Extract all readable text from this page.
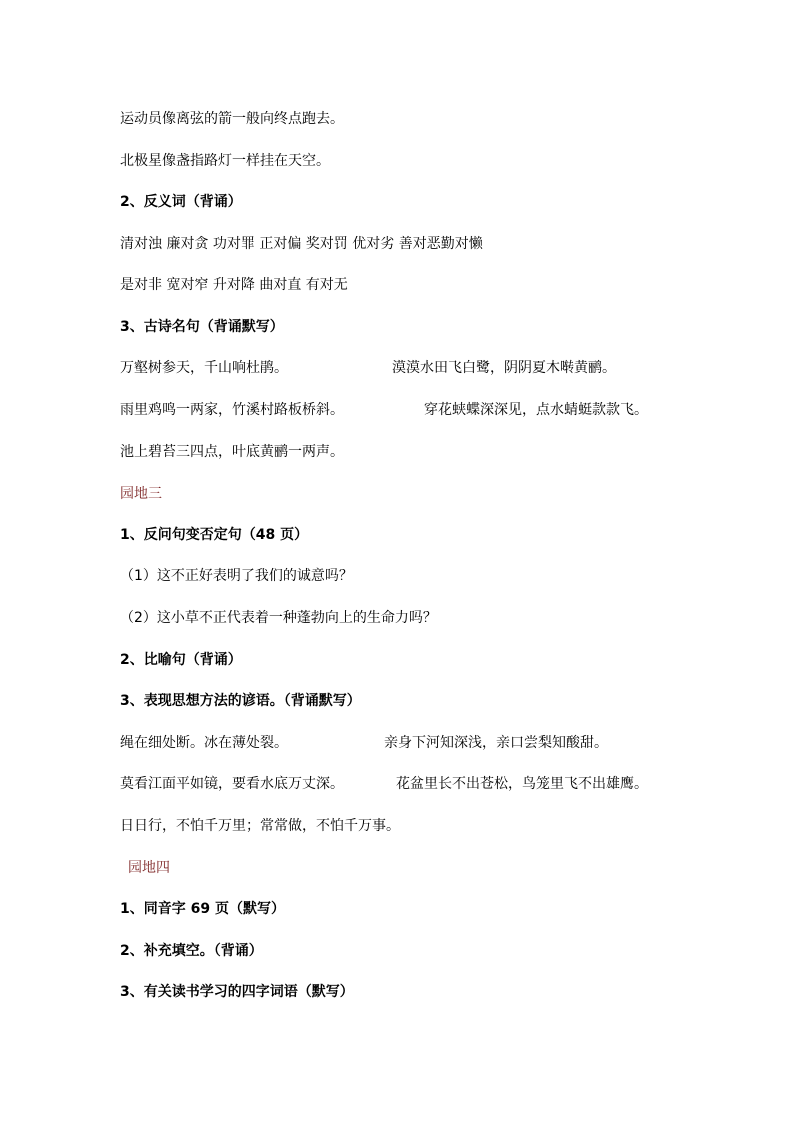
运动员像离弦的箭一般向终点跑去。
北极星像盏指路灯一样挂在天空。
2、反义词（背诵）
清对浊 廉对贪 功对罪 正对偏 奖对罚 优对劣 善对恶勤对懒
是对非 宽对窄 升对降 曲对直 有对无
3、古诗名句（背诵默写）
万壑树参天，千山响杜鹃。	漠漠水田飞白鹭，阴阴夏木啭黄鹂。
雨里鸡鸣一两家，竹溪村路板桥斜。	穿花蛱蝶深深见，点水蜻蜓款款飞。
池上碧苔三四点，叶底黄鹂一两声。
园地三
1、反问句变否定句（48 页）
（1）这不正好表明了我们的诚意吗？
（2）这小草不正代表着一种蓬勃向上的生命力吗？
2、比喻句（背诵）
3、表现思想方法的谚语。（背诵默写）
绳在细处断。冰在薄处裂。	亲身下河知深浅，亲口尝梨知酸甜。
莫看江面平如镜，要看水底万丈深。	花盆里长不出苍松，鸟笼里飞不出雄鹰。
日日行，不怕千万里；常常做，不怕千万事。
园地四
1、同音字 69 页（默写）
2、补充填空。（背诵）
3、有关读书学习的四字词语（默写）
